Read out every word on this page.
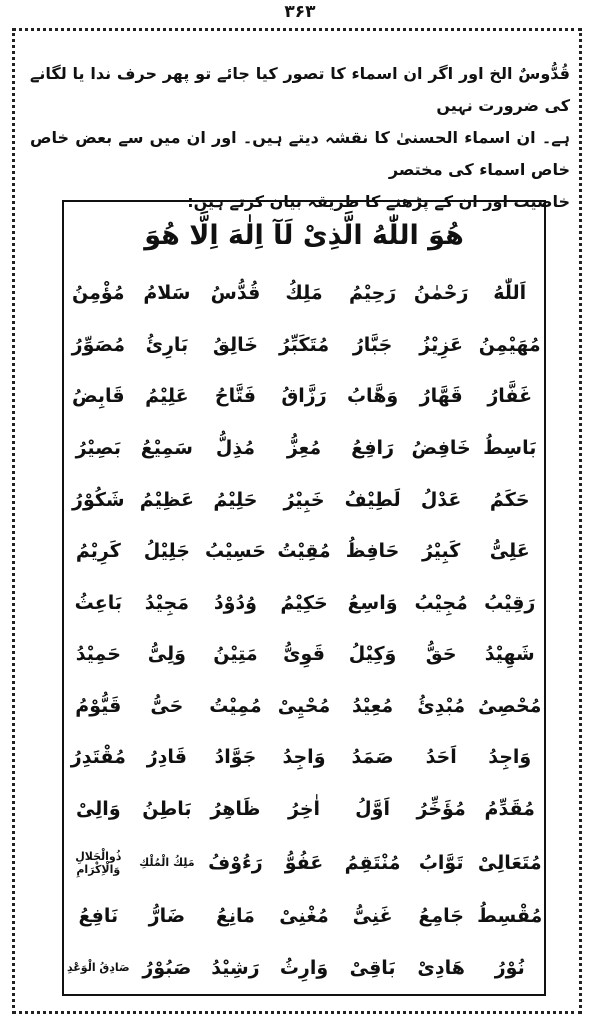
۳۶۳

قُدُّوسٌ الخ اور اگر ان اسماء کا تصور کیا جائے تو پھر حرف ندا یا لگانے کی ضرورت نہیں

ہے۔ ان اسماء الحسنیٰ کا نقشہ دیتے ہیں۔ اور ان میں سے بعض خاص خاص اسماء کی مختصر

خاصیت اور ان کے پڑھنے کا طریقہ بیان کرتے ہیں:

هُوَ اللّٰهُ الَّذِىْ لَآ اِلٰهَ اِلَّا هُوَ
اَللّٰهُ
رَحْمٰنُ
رَحِیْمُ
مَلِكُ
قُدُّسُ
سَلامُ
مُؤْمِنُ
مُهَیْمِنُ
عَزِیْزُ
جَبَّارُ
مُتَكَبِّرُ
خَالِقُ
بَارِئُ
مُصَوِّرُ
غَفَّارُ
قَهَّارُ
وَهَّابُ
رَزَّاقُ
فَتَّاحُ
عَلِیْمُ
قَابِضُ
بَاسِطُ
خَافِضُ
رَافِعُ
مُعِزُّ
مُذِلُّ
سَمِیْعُ
بَصِیْرُ
حَكَمُ
عَدْلُ
لَطِیْفُ
خَبِیْرُ
حَلِیْمُ
عَظِیْمُ
شَكُوْرُ
عَلِیُّ
كَبِیْرُ
حَافِظُ
مُقِیْتُ
حَسِیْبُ
جَلِیْلُ
كَرِیْمُ
رَقِیْبُ
مُجِیْبُ
وَاسِعُ
حَكِیْمُ
وُدُوْدُ
مَجِیْدُ
بَاعِثُ
شَهِیْدُ
حَقُّ
وَكِیْلُ
قَوِیُّ
مَتِیْنُ
وَلِیُّ
حَمِیْدُ
مُحْصِیُ
مُبْدِئُ
مُعِیْدُ
مُحْیِیْ
مُمِیْتُ
حَیُّ
قَیُّوْمُ
وَاجِدُ
اَحَدُ
صَمَدُ
وَاجِدُ
جَوَّادُ
قَادِرُ
مُقْتَدِرُ
مُقَدِّمُ
مُؤَخِّرُ
اَوَّلُ
اٰخِرُ
ظَاهِرُ
بَاطِنُ
وَالِیْ
مُتَعَالِیْ
تَوَّابُ
مُنْتَقِمُ
عَفُوُّ
رَءُوْفُ
مَلِكُ الْمُلْكِ
ذُوالْجَلالِ وَالْاِكْرَامِ
مُقْسِطُ
جَامِعُ
غَنِیُّ
مُغْنِیْ
مَانِعُ
ضَارُّ
نَافِعُ
نُوْرُ
هَادِیْ
بَاقِیْ
وَارِثُ
رَشِیْدُ
صَبُوْرُ
صَادِقُ الْوَعْدِ
